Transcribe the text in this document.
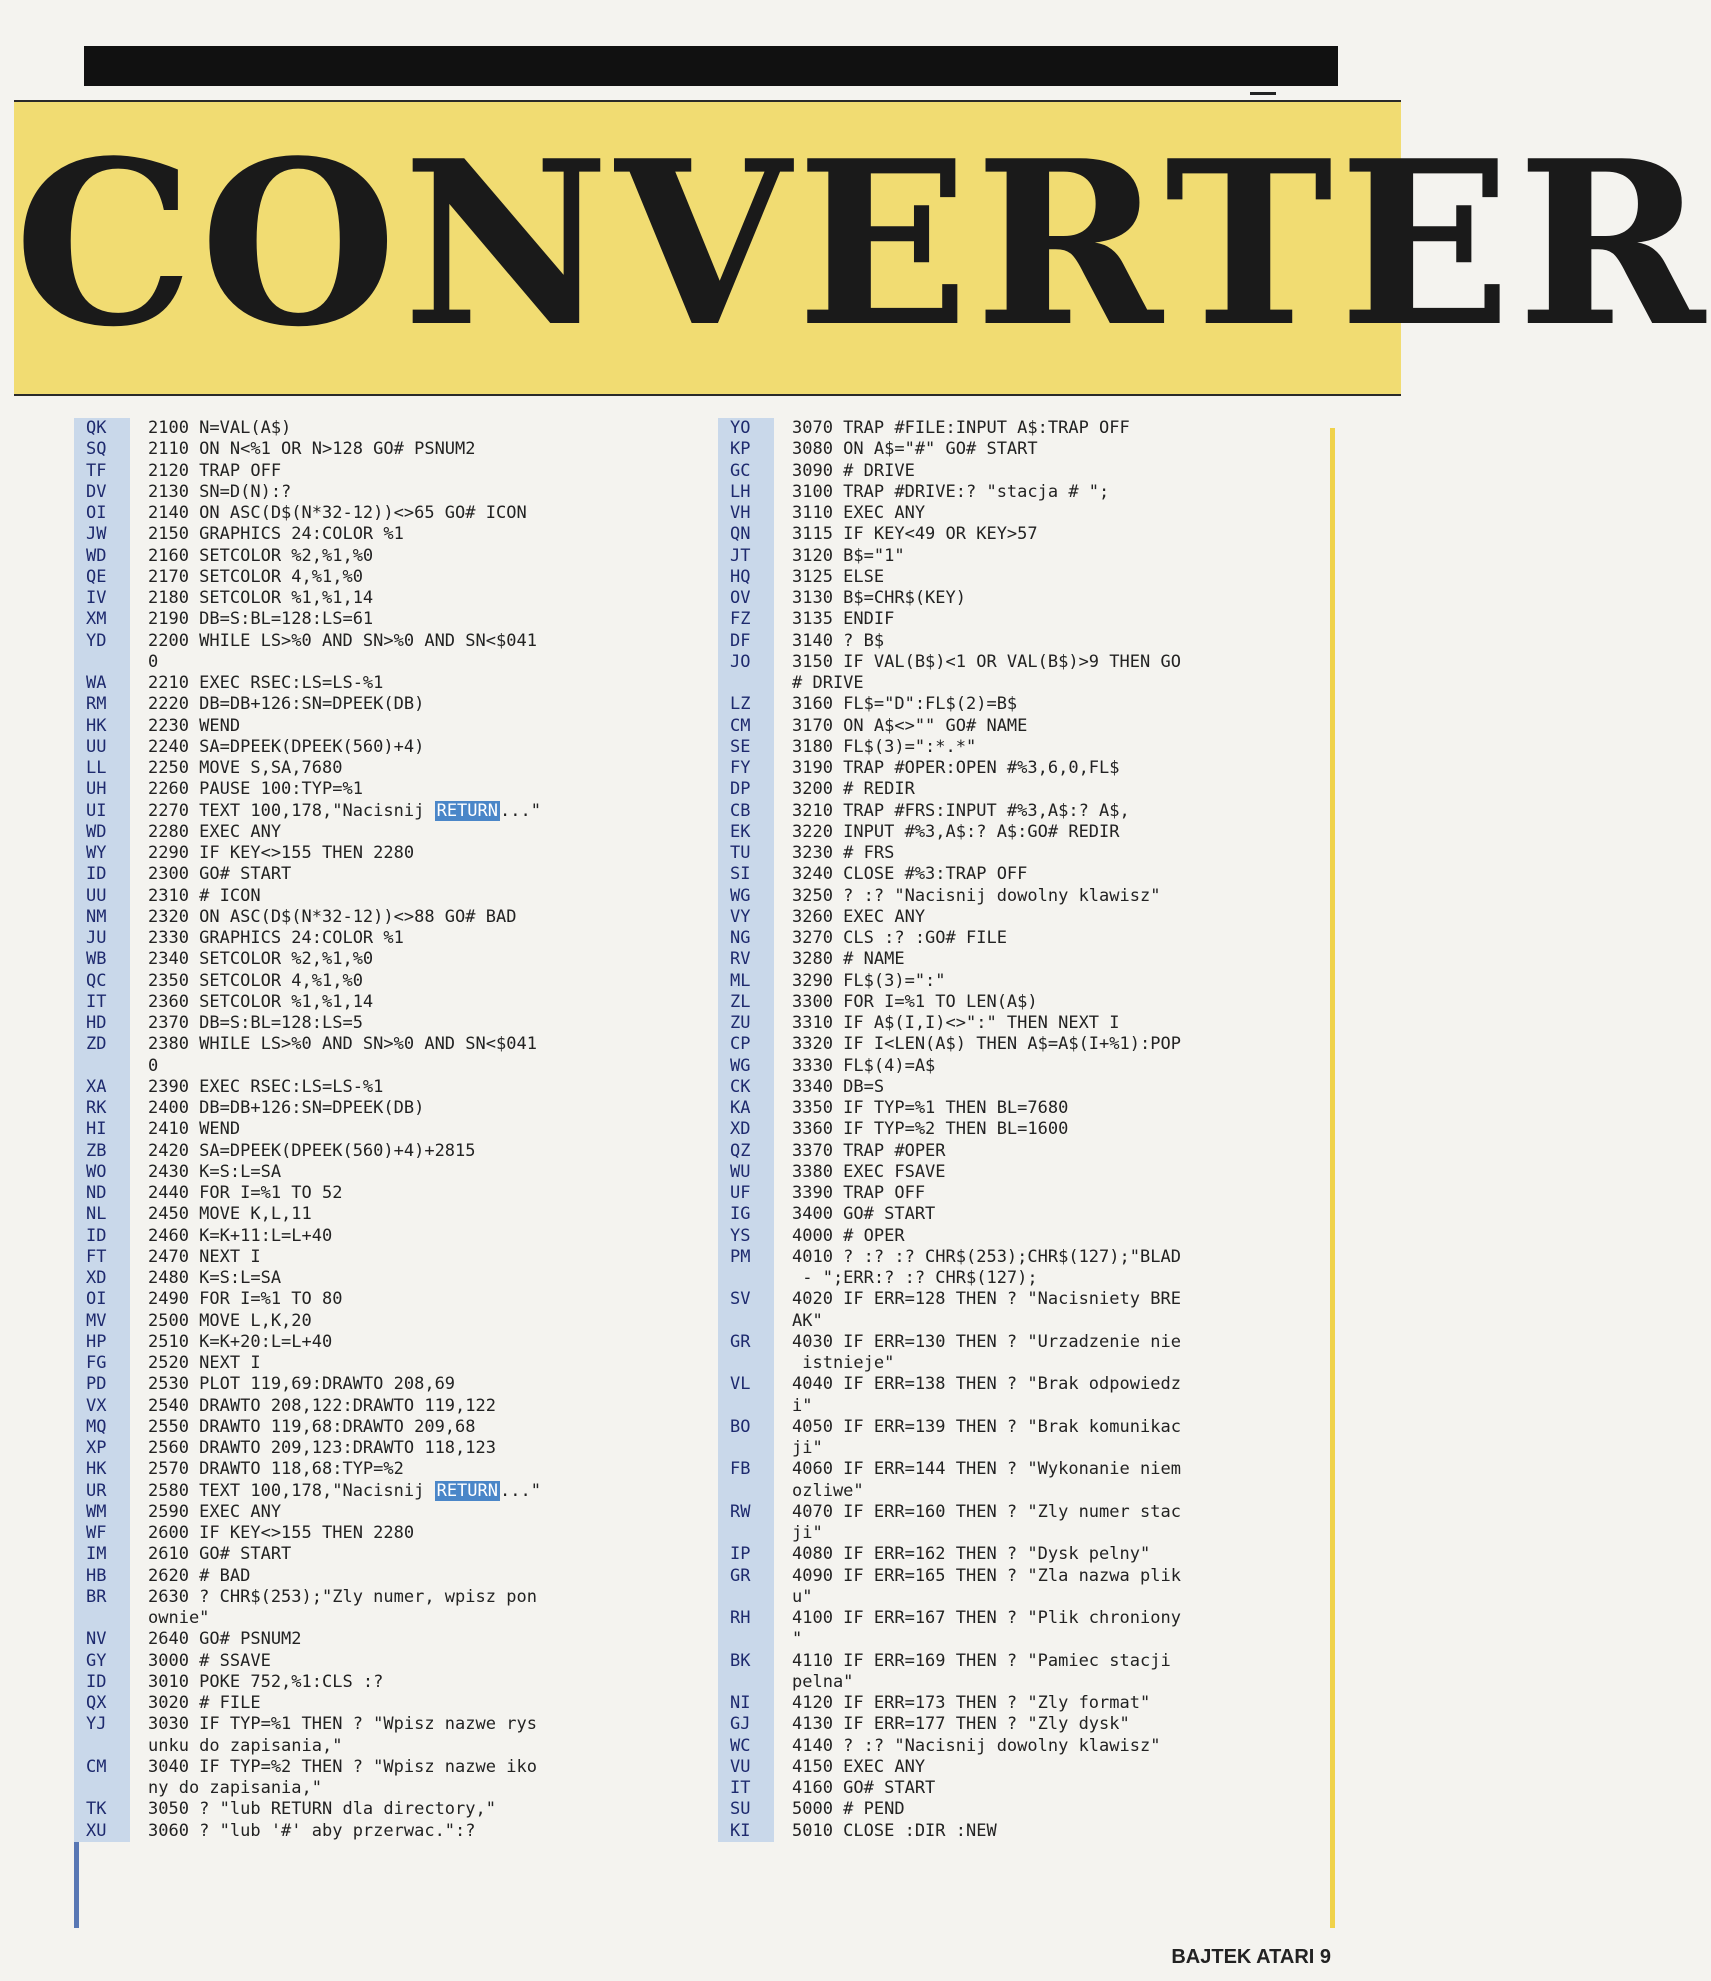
CONVERTER
QK	2100 N=VAL(A$)
SQ	2110 ON N<%1 OR N>128 GO# PSNUM2
TF	2120 TRAP OFF
DV	2130 SN=D(N):?
OI	2140 ON ASC(D$(N*32-12))<>65 GO# ICON
JW	2150 GRAPHICS 24:COLOR %1
WD	2160 SETCOLOR %2,%1,%0
QE	2170 SETCOLOR 4,%1,%0
IV	2180 SETCOLOR %1,%1,14
XM	2190 DB=S:BL=128:LS=61
YD	2200 WHILE LS>%0 AND SN>%0 AND SN<$041
0
WA	2210 EXEC RSEC:LS=LS-%1
RM	2220 DB=DB+126:SN=DPEEK(DB)
HK	2230 WEND
UU	2240 SA=DPEEK(DPEEK(560)+4)
LL	2250 MOVE S,SA,7680
UH	2260 PAUSE 100:TYP=%1
UI	2270 TEXT 100,178,"Nacisnij RETURN ..."
WD	2280 EXEC ANY
WY	2290 IF KEY<>155 THEN 2280
ID	2300 GO# START
UU	2310 # ICON
NM	2320 ON ASC(D$(N*32-12))<>88 GO# BAD
JU	2330 GRAPHICS 24:COLOR %1
WB	2340 SETCOLOR %2,%1,%0
QC	2350 SETCOLOR 4,%1,%0
IT	2360 SETCOLOR %1,%1,14
HD	2370 DB=S:BL=128:LS=5
ZD	2380 WHILE LS>%0 AND SN>%0 AND SN<$041
0
XA	2390 EXEC RSEC:LS=LS-%1
RK	2400 DB=DB+126:SN=DPEEK(DB)
HI	2410 WEND
ZB	2420 SA=DPEEK(DPEEK(560)+4)+2815
WO	2430 K=S:L=SA
ND	2440 FOR I=%1 TO 52
NL	2450 MOVE K,L,11
ID	2460 K=K+11:L=L+40
FT	2470 NEXT I
XD	2480 K=S:L=SA
OI	2490 FOR I=%1 TO 80
MV	2500 MOVE L,K,20
HP	2510 K=K+20:L=L+40
FG	2520 NEXT I
PD	2530 PLOT 119,69:DRAWTO 208,69
VX	2540 DRAWTO 208,122:DRAWTO 119,122
MQ	2550 DRAWTO 119,68:DRAWTO 209,68
XP	2560 DRAWTO 209,123:DRAWTO 118,123
HK	2570 DRAWTO 118,68:TYP=%2
UR	2580 TEXT 100,178,"Nacisnij RETURN ..."
WM	2590 EXEC ANY
WF	2600 IF KEY<>155 THEN 2280
IM	2610 GO# START
HB	2620 # BAD
BR	2630 ? CHR$(253);"Zly numer, wpisz pon
ownie"
NV	2640 GO# PSNUM2
GY	3000 # SSAVE
ID	3010 POKE 752,%1:CLS :?
QX	3020 # FILE
YJ	3030 IF TYP=%1 THEN ? "Wpisz nazwe rys
unku do zapisania,"
CM	3040 IF TYP=%2 THEN ? "Wpisz nazwe iko
ny do zapisania,"
TK	3050 ? "lub RETURN dla directory,"
XU	3060 ? "lub '#' aby przerwac.":?
YO	3070 TRAP #FILE:INPUT A$:TRAP OFF
KP	3080 ON A$="#" GO# START
GC	3090 # DRIVE
LH	3100 TRAP #DRIVE:? "stacja # ";
VH	3110 EXEC ANY
QN	3115 IF KEY<49 OR KEY>57
JT	3120 B$="1"
HQ	3125 ELSE
OV	3130 B$=CHR$(KEY)
FZ	3135 ENDIF
DF	3140 ? B$
JO	3150 IF VAL(B$)<1 OR VAL(B$)>9 THEN GO
# DRIVE
LZ	3160 FL$="D":FL$(2)=B$
CM	3170 ON A$<>"" GO# NAME
SE	3180 FL$(3)=":*.*"
FY	3190 TRAP #OPER:OPEN #%3,6,0,FL$
DP	3200 # REDIR
CB	3210 TRAP #FRS:INPUT #%3,A$:? A$,
EK	3220 INPUT #%3,A$:? A$:GO# REDIR
TU	3230 # FRS
SI	3240 CLOSE #%3:TRAP OFF
WG	3250 ? :? "Nacisnij dowolny klawisz"
VY	3260 EXEC ANY
NG	3270 CLS :? :GO# FILE
RV	3280 # NAME
ML	3290 FL$(3)=":"
ZL	3300 FOR I=%1 TO LEN(A$)
ZU	3310 IF A$(I,I)<>":" THEN NEXT I
CP	3320 IF I<LEN(A$) THEN A$=A$(I+%1):POP
WG	3330 FL$(4)=A$
CK	3340 DB=S
KA	3350 IF TYP=%1 THEN BL=7680
XD	3360 IF TYP=%2 THEN BL=1600
QZ	3370 TRAP #OPER
WU	3380 EXEC FSAVE
UF	3390 TRAP OFF
IG	3400 GO# START
YS	4000 # OPER
PM	4010 ? :? :? CHR$(253);CHR$(127);"BLAD
- ";ERR:? :? CHR$(127);
SV	4020 IF ERR=128 THEN ? "Nacisniety BRE
AK"
GR	4030 IF ERR=130 THEN ? "Urzadzenie nie
istnieje"
VL	4040 IF ERR=138 THEN ? "Brak odpowiedz
i"
BO	4050 IF ERR=139 THEN ? "Brak komunikac
ji"
FB	4060 IF ERR=144 THEN ? "Wykonanie niem
ozliwe"
RW	4070 IF ERR=160 THEN ? "Zly numer stac
ji"
IP	4080 IF ERR=162 THEN ? "Dysk pelny"
GR	4090 IF ERR=165 THEN ? "Zla nazwa plik
u"
RH	4100 IF ERR=167 THEN ? "Plik chroniony
"
BK	4110 IF ERR=169 THEN ? "Pamiec stacji
pelna"
NI	4120 IF ERR=173 THEN ? "Zly format"
GJ	4130 IF ERR=177 THEN ? "Zly dysk"
WC	4140 ? :? "Nacisnij dowolny klawisz"
VU	4150 EXEC ANY
IT	4160 GO# START
SU	5000 # PEND
KI	5010 CLOSE :DIR :NEW
BAJTEK ATARI 9
